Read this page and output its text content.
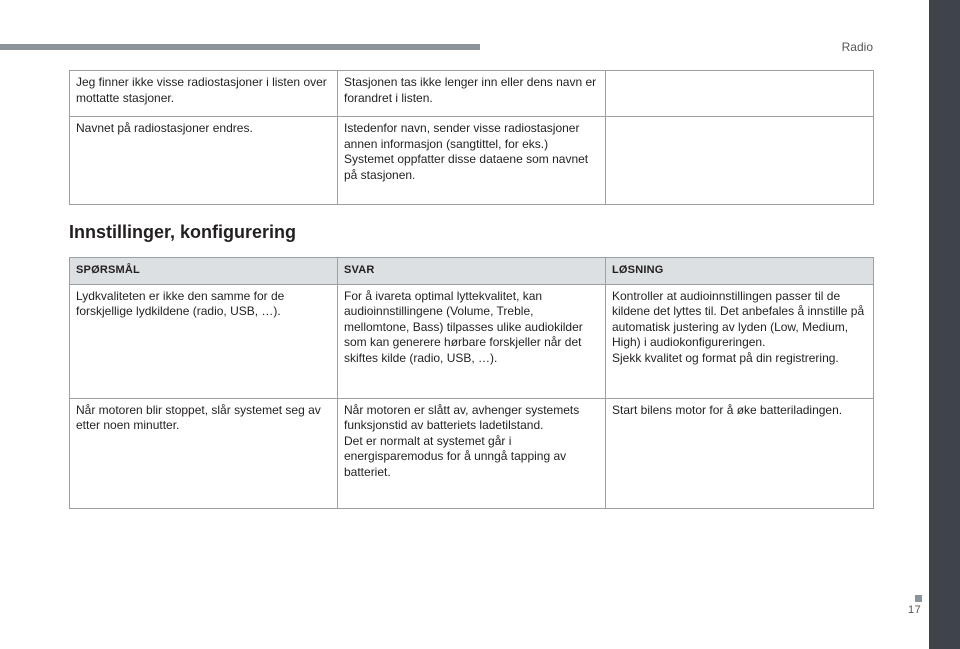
Radio
Jeg finner ikke visse radiostasjoner i listen over mottatte stasjoner.	Stasjonen tas ikke lenger inn eller dens navn er forandret i listen.	

Navnet på radiostasjoner endres.	Istedenfor navn, sender visse radiostasjoner annen informasjon (sangtittel, for eks.)
Systemet oppfatter disse dataene som navnet på stasjonen.	

Innstillinger, konfigurering
SPØRSMÅL	SVAR	LØSNING
Lydkvaliteten er ikke den samme for de forskjellige lydkildene (radio, USB, …).	For å ivareta optimal lyttekvalitet, kan audioinnstillingene (Volume, Treble, mellomtone, Bass) tilpasses ulike audiokilder som kan generere hørbare forskjeller når det skiftes kilde (radio, USB, …).	Kontroller at audioinnstillingen passer til de kildene det lyttes til. Det anbefales å innstille på automatisk justering av lyden (Low, Medium, High) i audiokonfigureringen.
Sjekk kvalitet og format på din registrering.

Når motoren blir stoppet, slår systemet seg av etter noen minutter.	Når motoren er slått av, avhenger systemets funksjonstid av batteriets ladetilstand.
Det er normalt at systemet går i energisparemodus for å unngå tapping av batteriet.	Start bilens motor for å øke batteriladingen.
17
